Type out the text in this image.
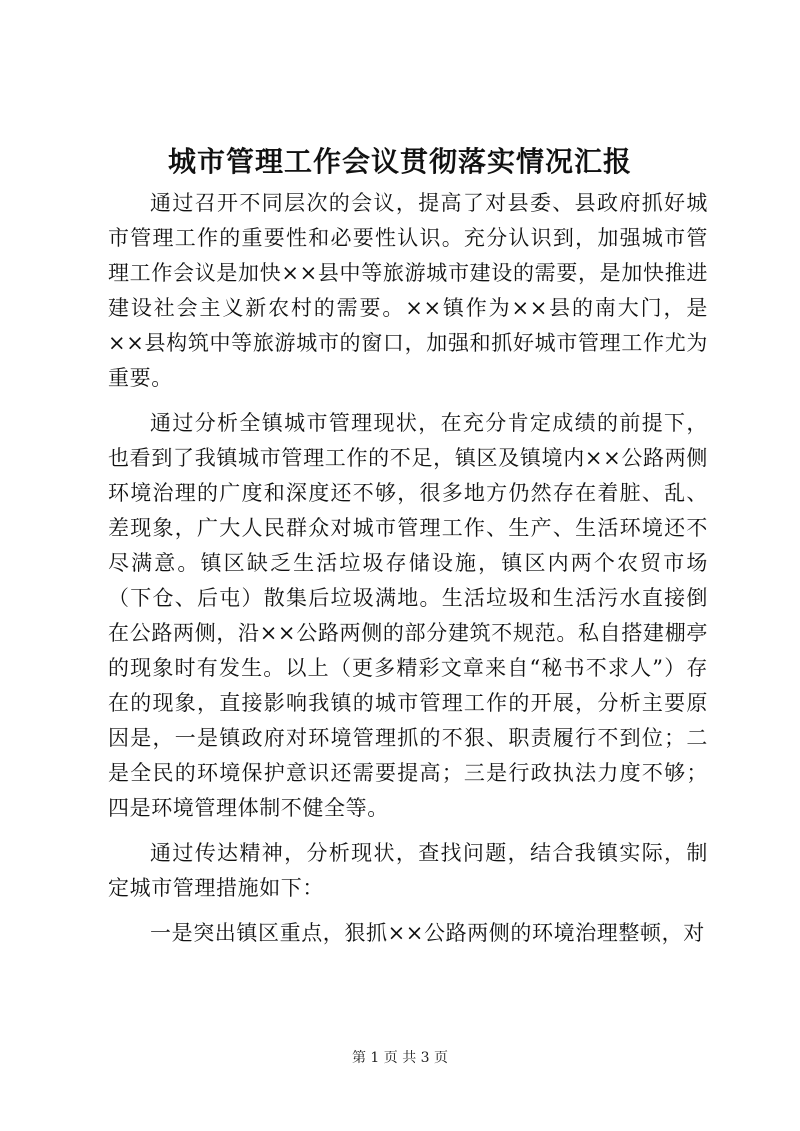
城市管理工作会议贯彻落实情况汇报

通过召开不同层次的会议，提高了对县委、县政府抓好城市管理工作的重要性和必要性认识。充分认识到，加强城市管理工作会议是加快××县中等旅游城市建设的需要，是加快推进建设社会主义新农村的需要。××镇作为××县的南大门，是××县构筑中等旅游城市的窗口，加强和抓好城市管理工作尤为重要。

通过分析全镇城市管理现状，在充分肯定成绩的前提下，也看到了我镇城市管理工作的不足，镇区及镇境内××公路两侧环境治理的广度和深度还不够，很多地方仍然存在着脏、乱、差现象，广大人民群众对城市管理工作、生产、生活环境还不尽满意。镇区缺乏生活垃圾存储设施，镇区内两个农贸市场（下仓、后屯）散集后垃圾满地。生活垃圾和生活污水直接倒在公路两侧，沿××公路两侧的部分建筑不规范。私自搭建棚亭的现象时有发生。以上（更多精彩文章来自“秘书不求人”）存在的现象，直接影响我镇的城市管理工作的开展，分析主要原因是，一是镇政府对环境管理抓的不狠、职责履行不到位；二是全民的环境保护意识还需要提高；三是行政执法力度不够；四是环境管理体制不健全等。

通过传达精神，分析现状，查找问题，结合我镇实际，制定城市管理措施如下：

一是突出镇区重点，狠抓××公路两侧的环境治理整顿，对

第 1 页 共 3 页
